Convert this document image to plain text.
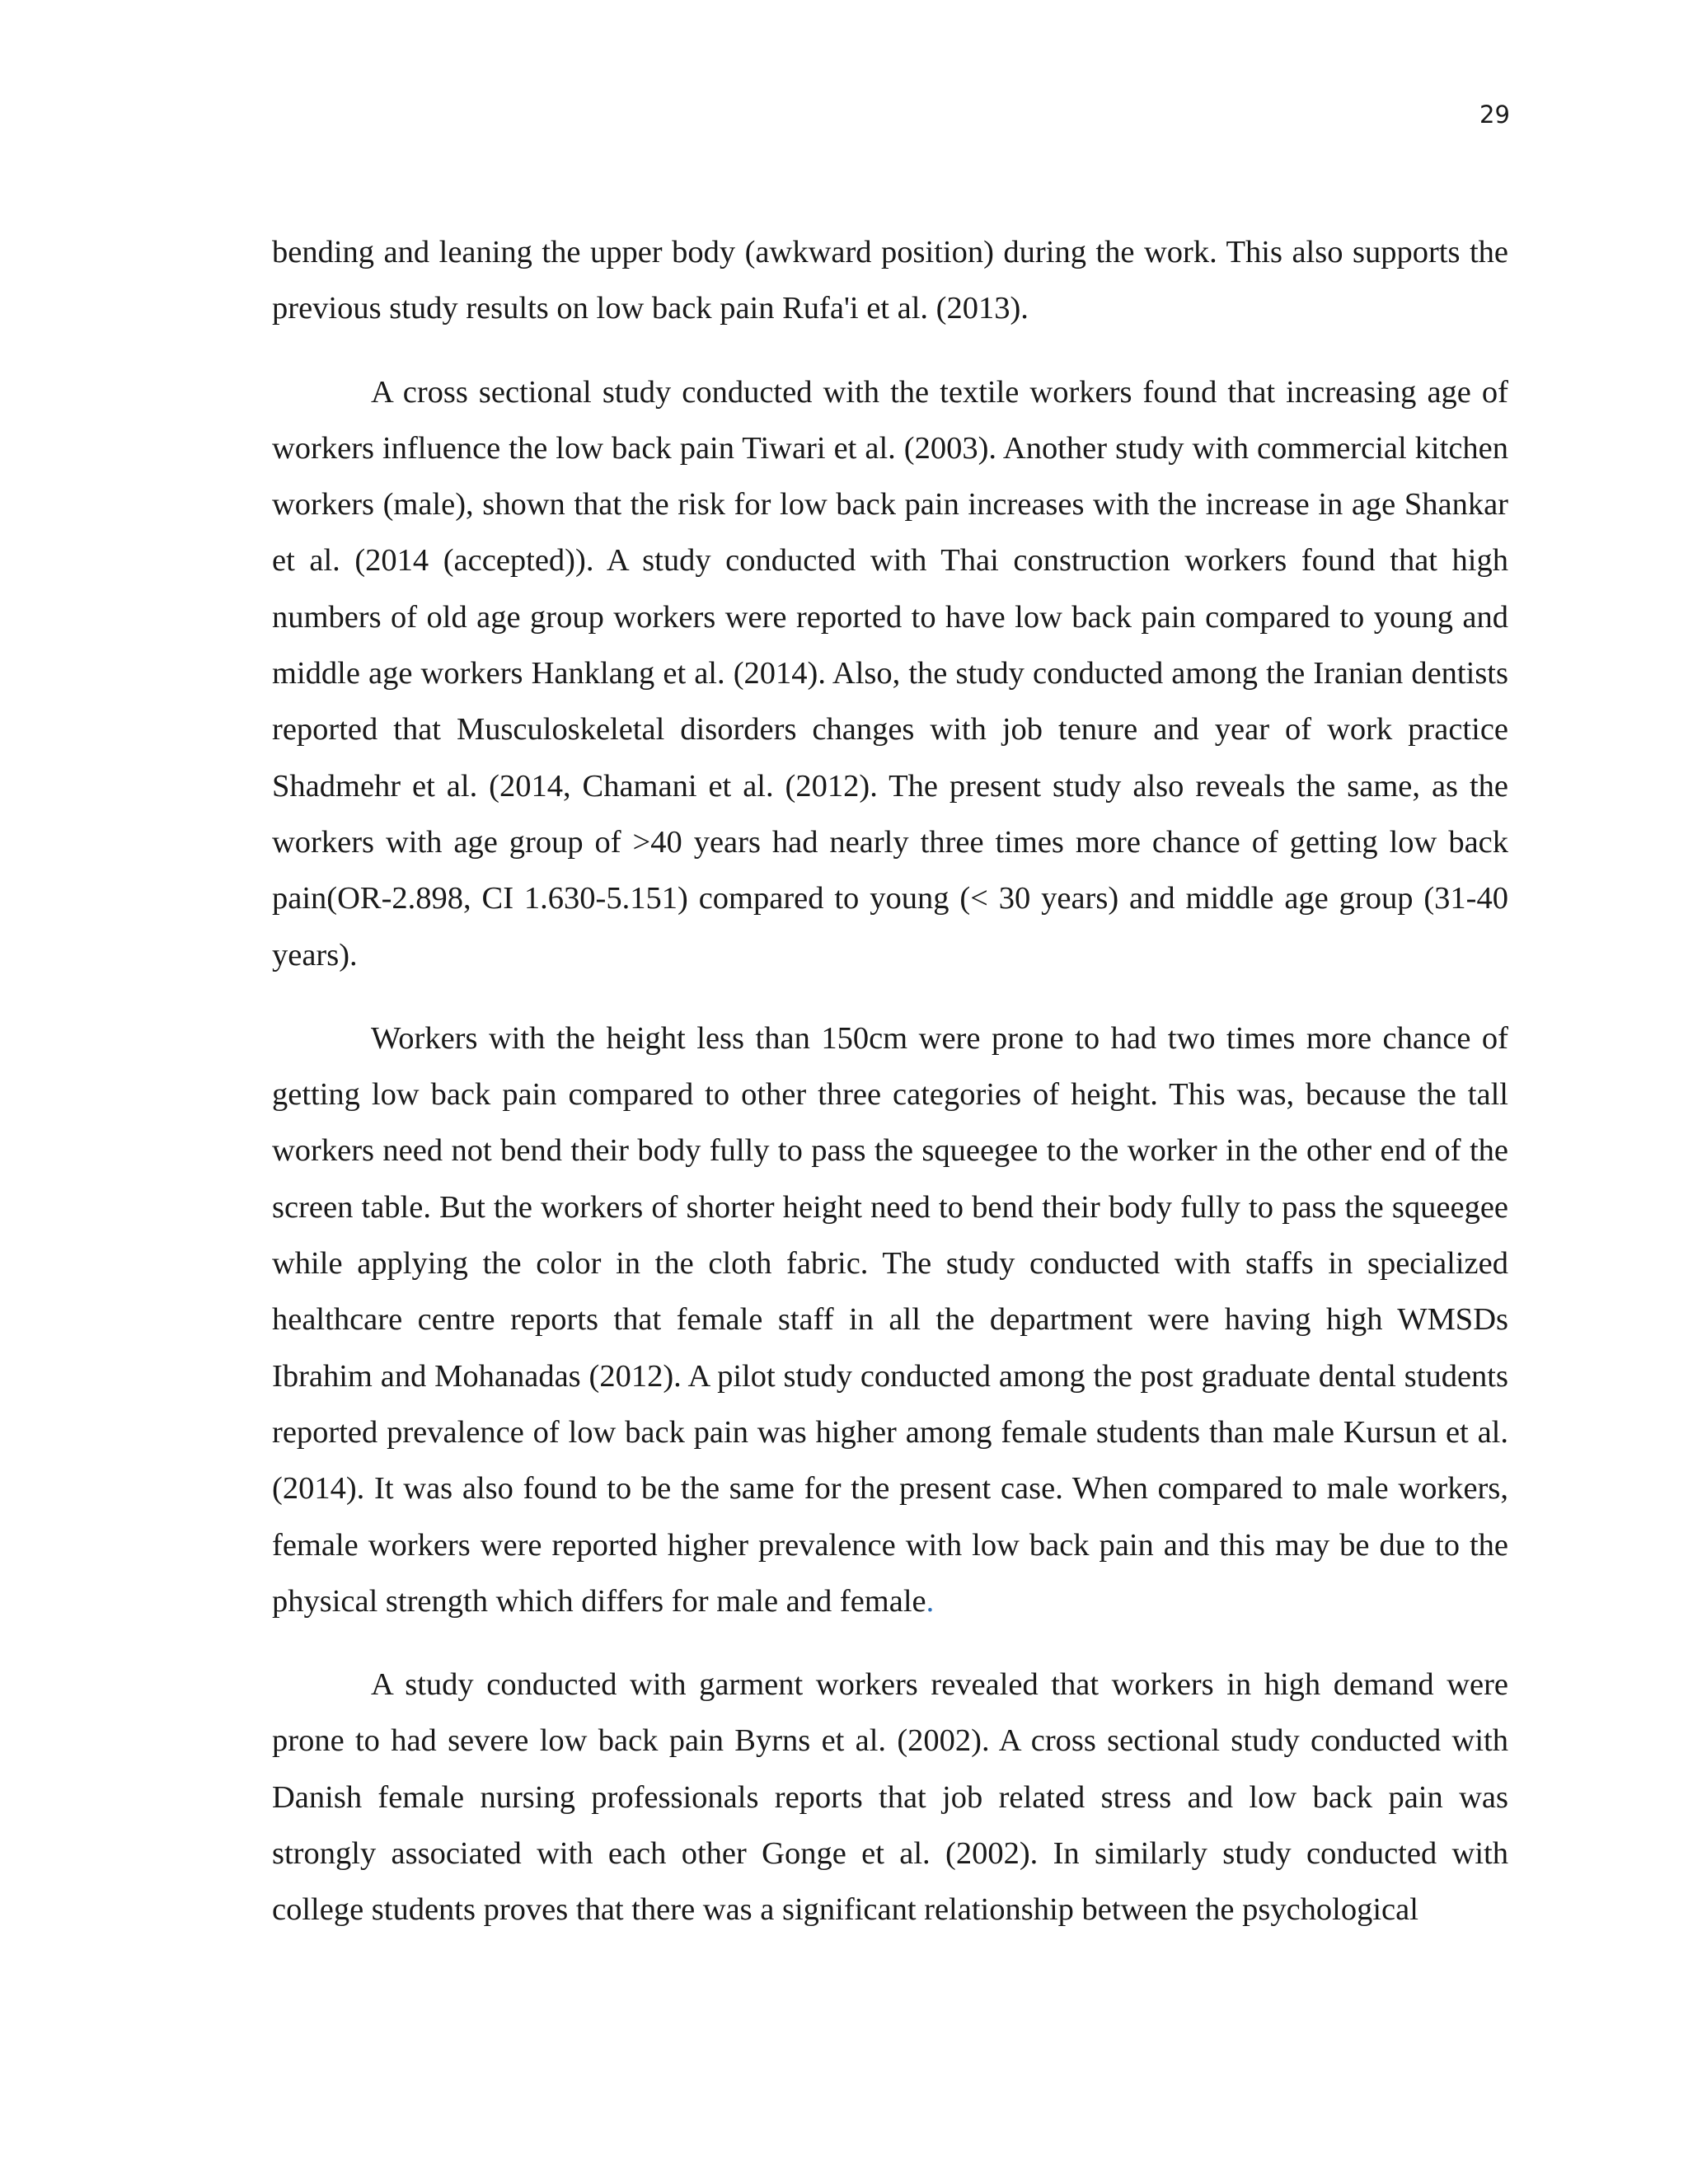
29

bending and leaning the upper body (awkward position) during the work. This also supports the previous study results on low back pain Rufa'i et al. (2013).

A cross sectional study conducted with the textile workers found that increasing age of workers influence the low back pain Tiwari et al. (2003). Another study with commercial kitchen workers (male), shown that the risk for low back pain increases with the increase in age Shankar et al. (2014 (accepted)). A study conducted with Thai construction workers found that high numbers of old age group workers were reported to have low back pain compared to young and middle age workers Hanklang et al. (2014). Also, the study conducted among the Iranian dentists reported that Musculoskeletal disorders changes with job tenure and year of work practice Shadmehr et al. (2014, Chamani et al. (2012). The present study also reveals the same, as the workers with age group of >40 years had nearly three times more chance of getting low back pain(OR-2.898, CI 1.630-5.151) compared to young (< 30 years) and middle age group (31-40 years).

Workers with the height less than 150cm were prone to had two times more chance of getting low back pain compared to other three categories of height. This was, because the tall workers need not bend their body fully to pass the squeegee to the worker in the other end of the screen table. But the workers of shorter height need to bend their body fully to pass the squeegee while applying the color in the cloth fabric. The study conducted with staffs in specialized healthcare centre reports that female staff in all the department were having high WMSDs Ibrahim and Mohanadas (2012). A pilot study conducted among the post graduate dental students reported prevalence of low back pain was higher among female students than male Kursun et al. (2014). It was also found to be the same for the present case. When compared to male workers, female workers were reported higher prevalence with low back pain and this may be due to the physical strength which differs for male and female.

A study conducted with garment workers revealed that workers in high demand were prone to had severe low back pain Byrns et al. (2002). A cross sectional study conducted with Danish female nursing professionals reports that job related stress and low back pain was strongly associated with each other Gonge et al. (2002). In similarly study conducted with college students proves that there was a significant relationship between the psychological
